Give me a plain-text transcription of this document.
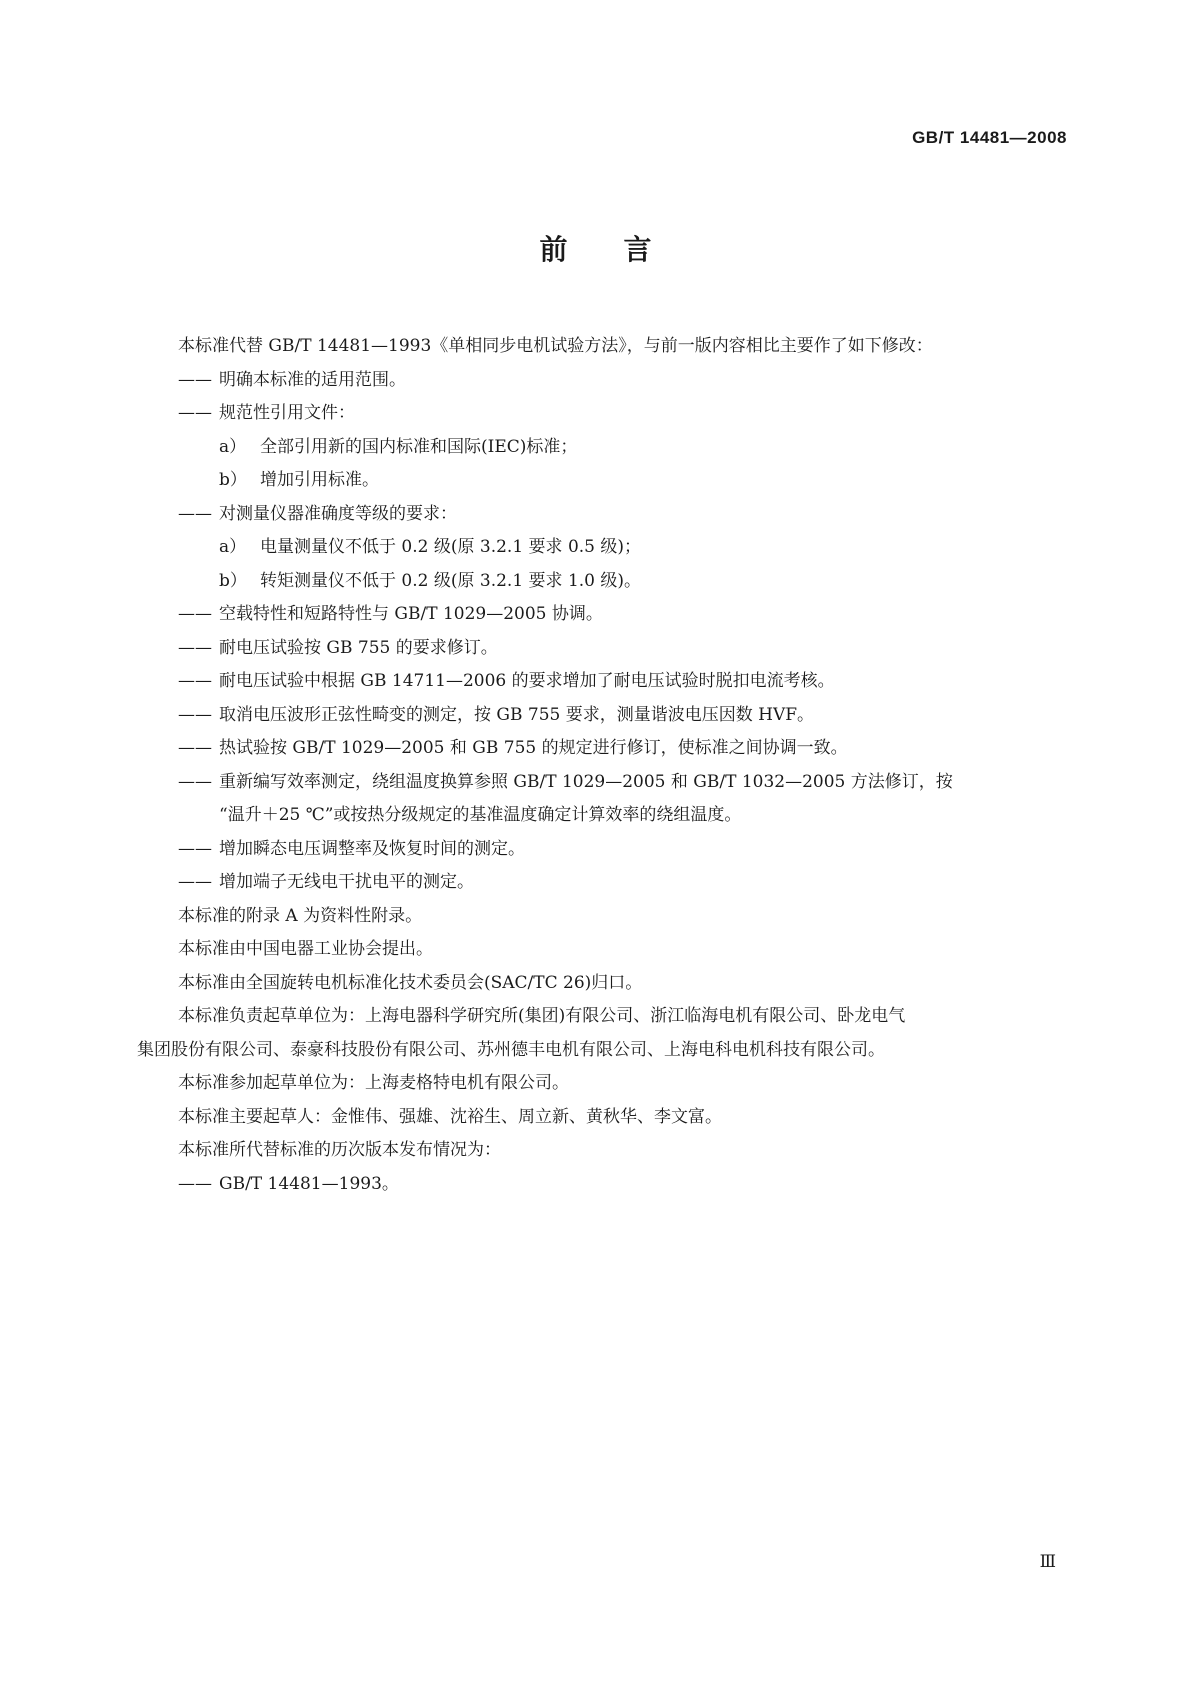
GB/T 14481—2008
前言
本标准代替 GB/T 14481—1993《单相同步电机试验方法》，与前一版内容相比主要作了如下修改：
—— 明确本标准的适用范围。
—— 规范性引用文件：
a） 全部引用新的国内标准和国际(IEC)标准；
b） 增加引用标准。
—— 对测量仪器准确度等级的要求：
a） 电量测量仪不低于 0.2 级(原 3.2.1 要求 0.5 级)；
b） 转矩测量仪不低于 0.2 级(原 3.2.1 要求 1.0 级)。
—— 空载特性和短路特性与 GB/T 1029—2005 协调。
—— 耐电压试验按 GB 755 的要求修订。
—— 耐电压试验中根据 GB 14711—2006 的要求增加了耐电压试验时脱扣电流考核。
—— 取消电压波形正弦性畸变的测定，按 GB 755 要求，测量谐波电压因数 HVF。
—— 热试验按 GB/T 1029—2005 和 GB 755 的规定进行修订，使标准之间协调一致。
—— 重新编写效率测定，绕组温度换算参照 GB/T 1029—2005 和 GB/T 1032—2005 方法修订，按
“温升＋25 ℃”或按热分级规定的基准温度确定计算效率的绕组温度。
—— 增加瞬态电压调整率及恢复时间的测定。
—— 增加端子无线电干扰电平的测定。
本标准的附录 A 为资料性附录。
本标准由中国电器工业协会提出。
本标准由全国旋转电机标准化技术委员会(SAC/TC 26)归口。
本标准负责起草单位为：上海电器科学研究所(集团)有限公司、浙江临海电机有限公司、卧龙电气
集团股份有限公司、泰豪科技股份有限公司、苏州德丰电机有限公司、上海电科电机科技有限公司。
本标准参加起草单位为：上海麦格特电机有限公司。
本标准主要起草人：金惟伟、强雄、沈裕生、周立新、黄秋华、李文富。
本标准所代替标准的历次版本发布情况为：
—— GB/T 14481—1993。
Ⅲ
